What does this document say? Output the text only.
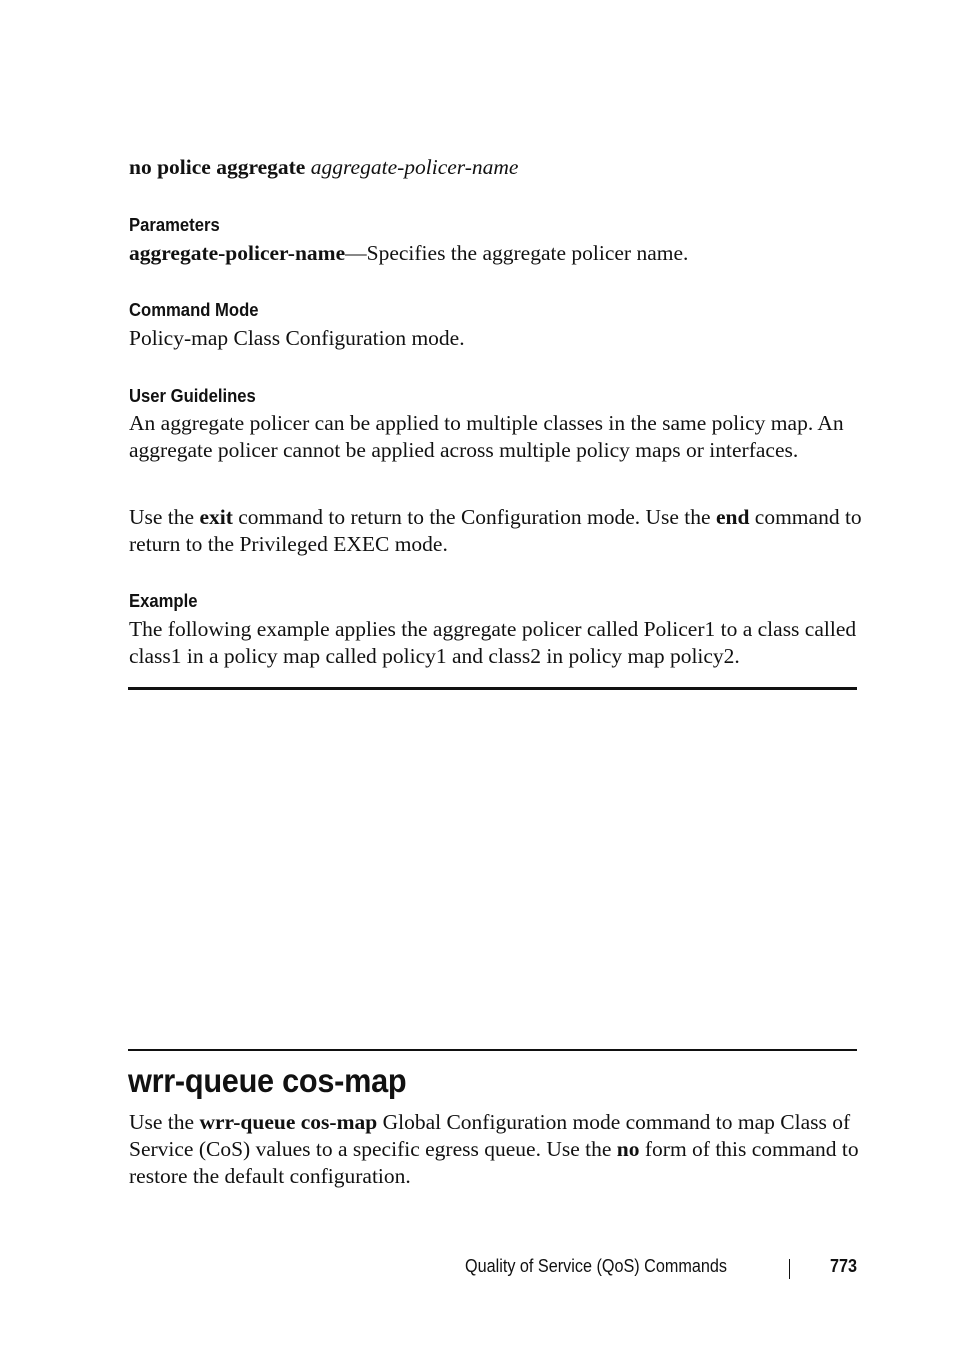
no police aggregate aggregate-policer-name
Parameters

aggregate-policer-name—Specifies the aggregate policer name.

Command Mode

Policy-map Class Configuration mode.

User Guidelines

An aggregate policer can be applied to multiple classes in the same policy map. An aggregate policer cannot be applied across multiple policy maps or interfaces.

Use the exit command to return to the Configuration mode. Use the end command to return to the Privileged EXEC mode.

Example

The following example applies the aggregate policer called Policer1 to a class called class1 in a policy map called policy1 and class2 in policy map policy2.

wrr-queue cos-map

Use the wrr-queue cos-map Global Configuration mode command to map Class of Service (CoS) values to a specific egress queue. Use the no form of this command to restore the default configuration.

Quality of Service (QoS) Commands	773
